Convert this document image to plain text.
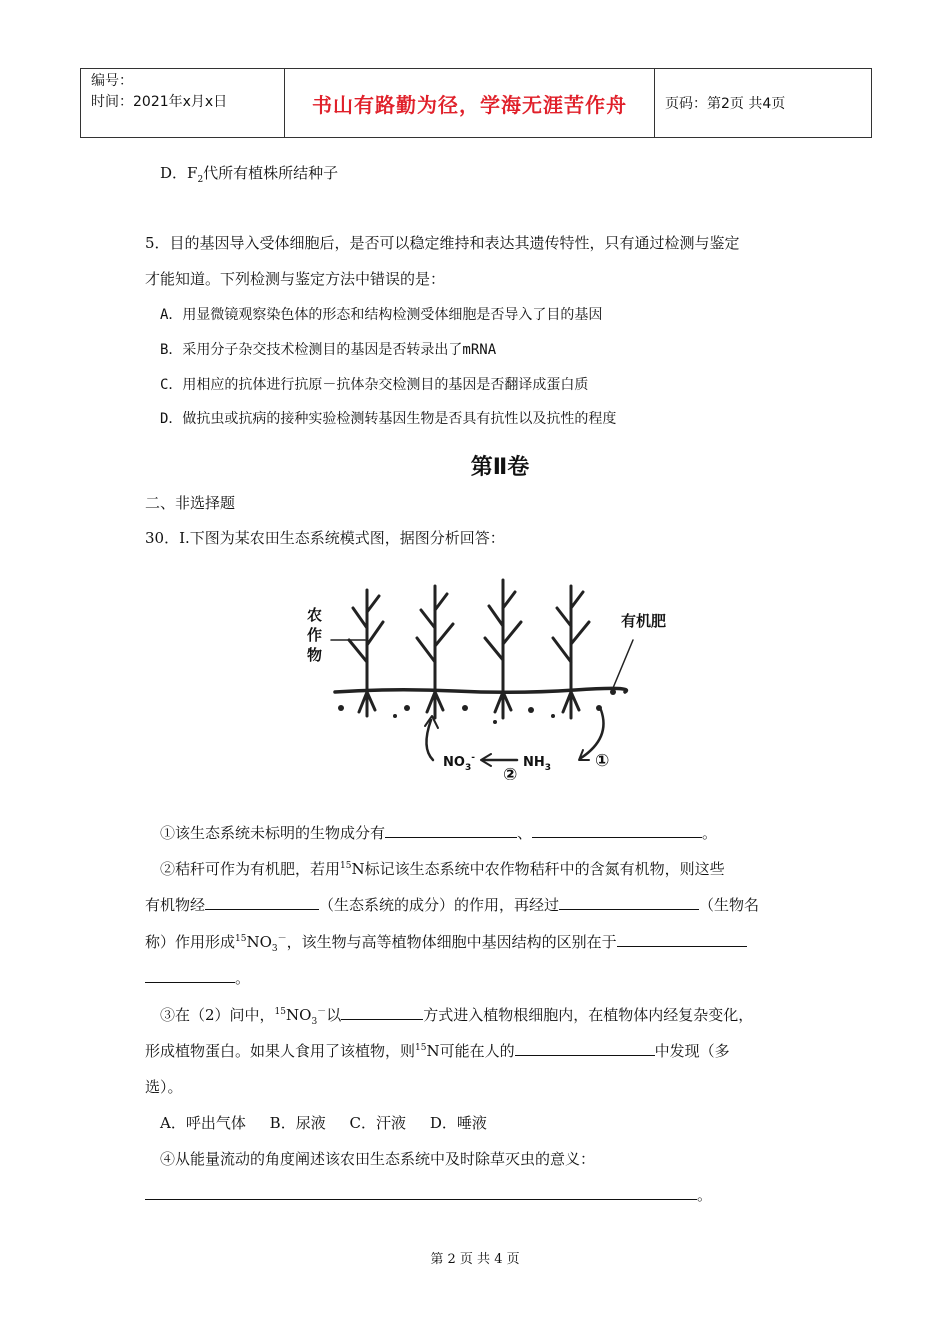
编号：
时间：2021年x月x日	书山有路勤为径，学海无涯苦作舟	页码：第2页 共4页
D．$F_2$代所有植株所结种子
5．目的基因导入受体细胞后，是否可以稳定维持和表达其遗传特性，只有通过检测与鉴定
才能知道。下列检测与鉴定方法中错误的是：
A．用显微镜观察染色体的形态和结构检测受体细胞是否导入了目的基因
B．采用分子杂交技术检测目的基因是否转录出了mRNA
C．用相应的抗体进行抗原－抗体杂交检测目的基因是否翻译成蛋白质
D．做抗虫或抗病的接种实验检测转基因生物是否具有抗性以及抗性的程度
第Ⅱ卷
二、非选择题
30．Ⅰ.下图为某农田生态系统模式图，据图分析回答：
农
作
物
有机肥
$NO_3^-$	$NH_3$	①
②
①该生态系统未标明的生物成分有	、	。
②秸秆可作为有机肥，若用$^{15}$N标记该生态系统中农作物秸秆中的含氮有机物，则这些
有机物经	（生态系统的成分）的作用，再经过	（生物名
称）作用形成$^{15}NO_3^-$，该生物与高等植物体细胞中基因结构的区别在于
。
③在（2）问中，$^{15}NO_3^-$以	方式进入植物根细胞内，在植物体内经复杂变化，
形成植物蛋白。如果人食用了该植物，则$^{15}$N可能在人的	中发现（多
选）。
A．呼出气体     B．尿液     C．汗液     D．唾液
④从能量流动的角度阐述该农田生态系统中及时除草灭虫的意义：
。
第 2 页 共 4 页
